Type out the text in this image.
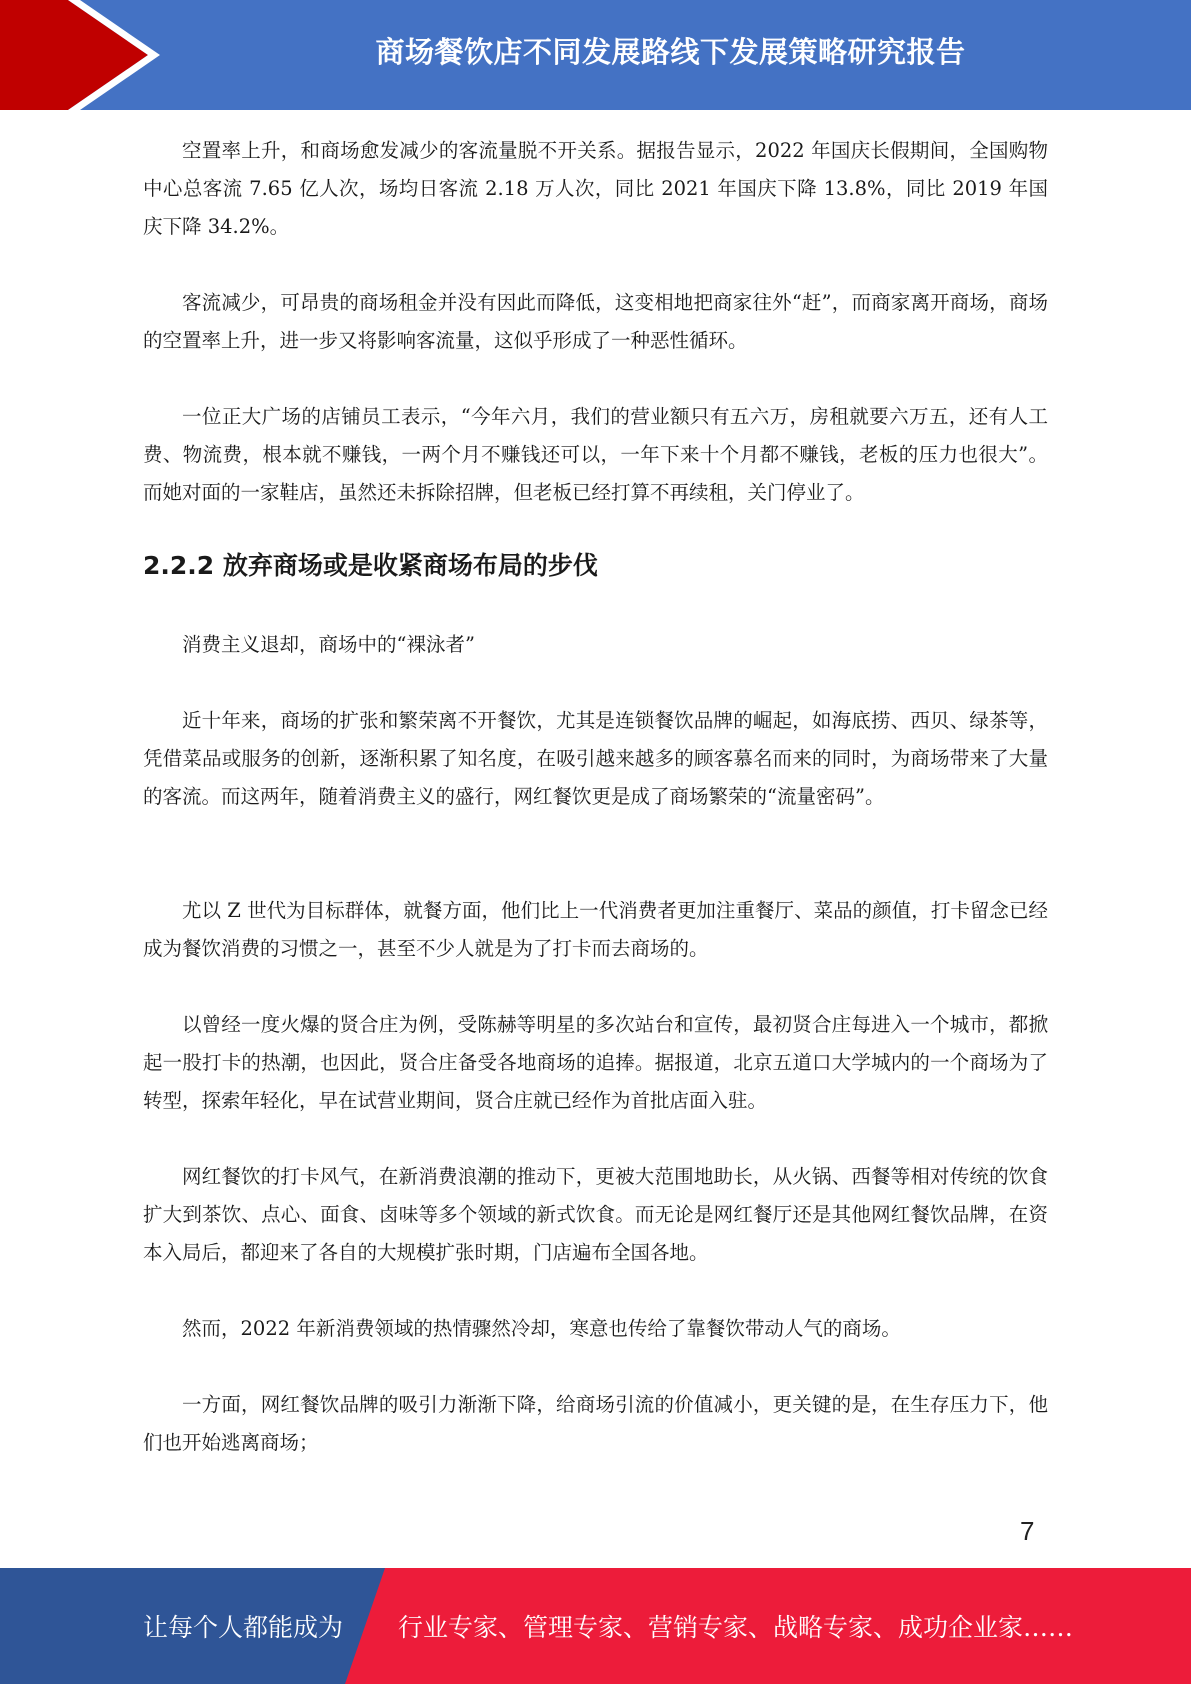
商场餐饮店不同发展路线下发展策略研究报告

空置率上升，和商场愈发减少的客流量脱不开关系。据报告显示，2022 年国庆长假期间，全国购物中心总客流 7.65 亿人次，场均日客流 2.18 万人次，同比 2021 年国庆下降 13.8%，同比 2019 年国庆下降 34.2%。

客流减少，可昂贵的商场租金并没有因此而降低，这变相地把商家往外“赶”，而商家离开商场，商场的空置率上升，进一步又将影响客流量，这似乎形成了一种恶性循环。

一位正大广场的店铺员工表示，“今年六月，我们的营业额只有五六万，房租就要六万五，还有人工费、物流费，根本就不赚钱，一两个月不赚钱还可以，一年下来十个月都不赚钱，老板的压力也很大”。而她对面的一家鞋店，虽然还未拆除招牌，但老板已经打算不再续租，关门停业了。

2.2.2 放弃商场或是收紧商场布局的步伐

消费主义退却，商场中的“裸泳者”

近十年来，商场的扩张和繁荣离不开餐饮，尤其是连锁餐饮品牌的崛起，如海底捞、西贝、绿茶等，凭借菜品或服务的创新，逐渐积累了知名度，在吸引越来越多的顾客慕名而来的同时，为商场带来了大量的客流。而这两年，随着消费主义的盛行，网红餐饮更是成了商场繁荣的“流量密码”。

尤以 Z 世代为目标群体，就餐方面，他们比上一代消费者更加注重餐厅、菜品的颜值，打卡留念已经成为餐饮消费的习惯之一，甚至不少人就是为了打卡而去商场的。

以曾经一度火爆的贤合庄为例，受陈赫等明星的多次站台和宣传，最初贤合庄每进入一个城市，都掀起一股打卡的热潮，也因此，贤合庄备受各地商场的追捧。据报道，北京五道口大学城内的一个商场为了转型，探索年轻化，早在试营业期间，贤合庄就已经作为首批店面入驻。

网红餐饮的打卡风气，在新消费浪潮的推动下，更被大范围地助长，从火锅、西餐等相对传统的饮食扩大到茶饮、点心、面食、卤味等多个领域的新式饮食。而无论是网红餐厅还是其他网红餐饮品牌，在资本入局后，都迎来了各自的大规模扩张时期，门店遍布全国各地。

然而，2022 年新消费领域的热情骤然冷却，寒意也传给了靠餐饮带动人气的商场。

一方面，网红餐饮品牌的吸引力渐渐下降，给商场引流的价值减小，更关键的是，在生存压力下，他们也开始逃离商场；

7
让每个人都能成为 行业专家、管理专家、营销专家、战略专家、成功企业家……
